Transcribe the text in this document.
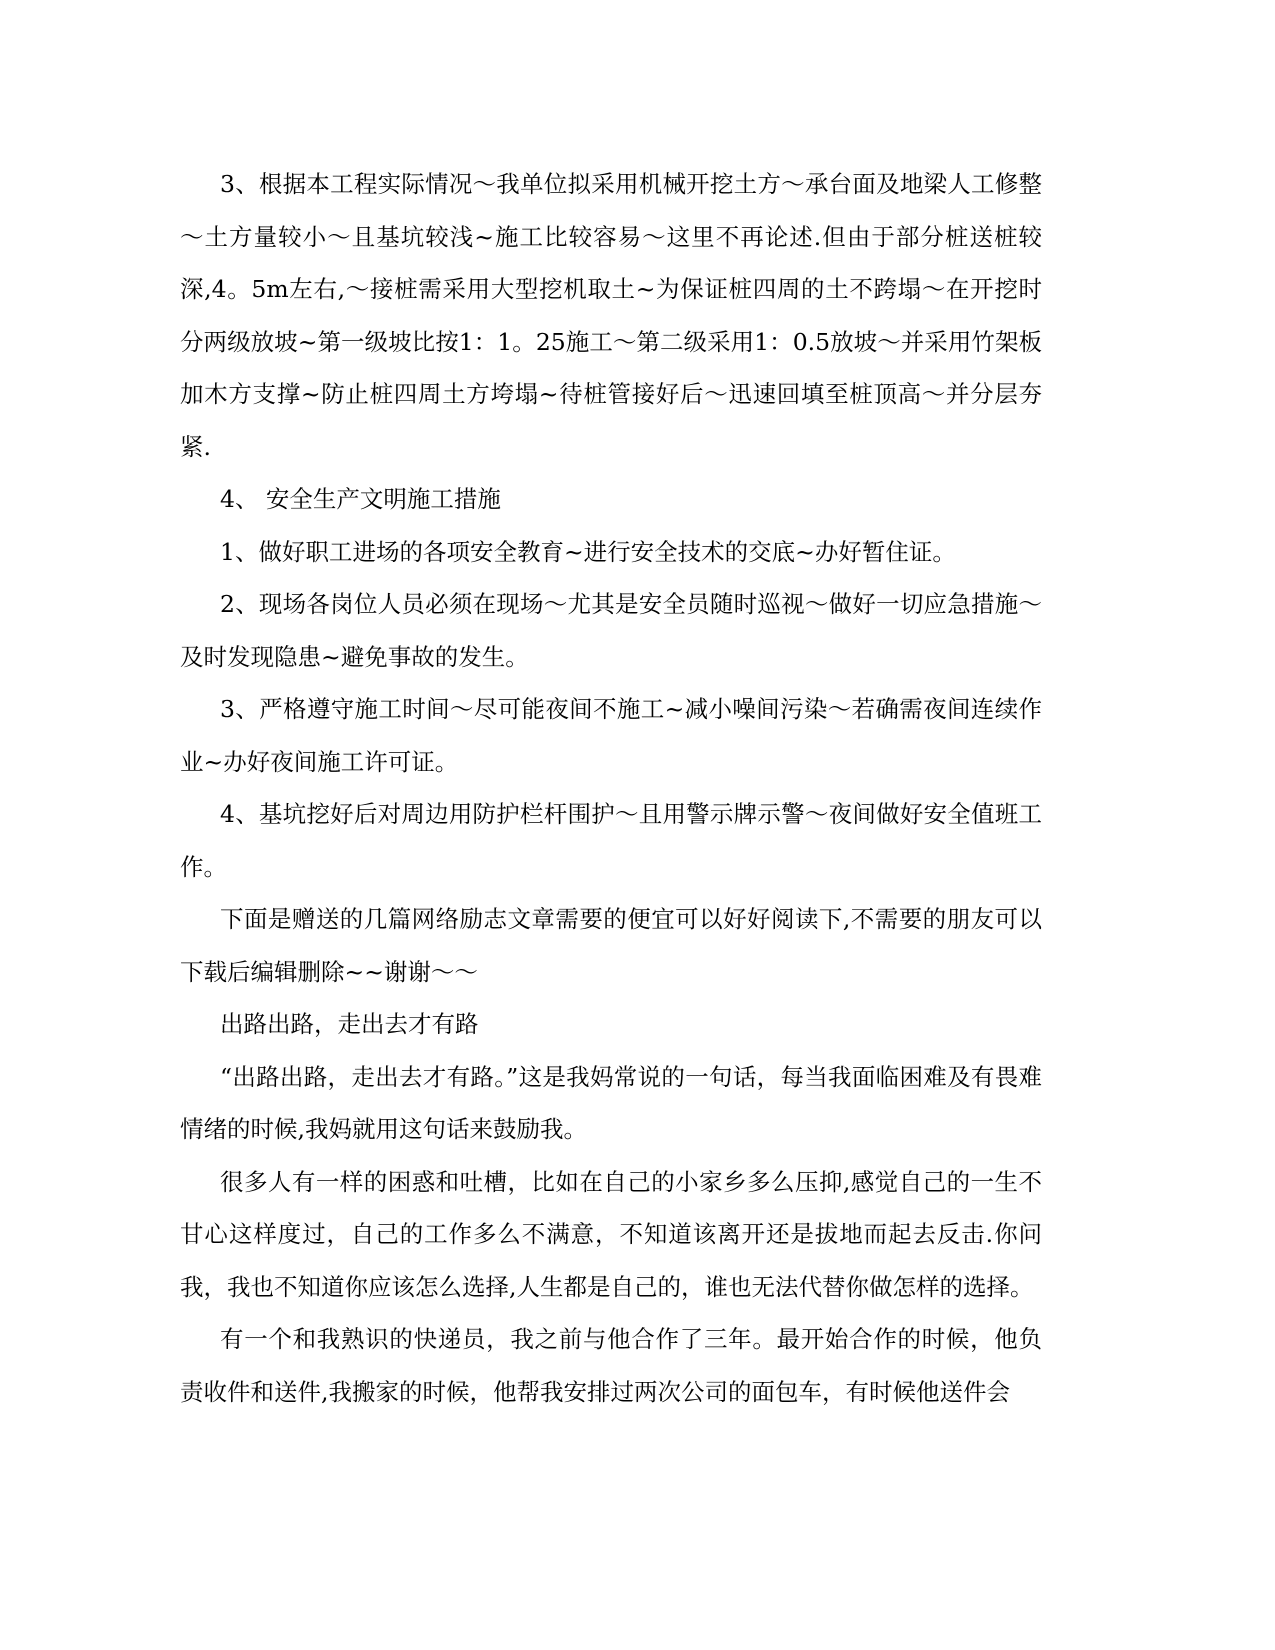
3、根据本工程实际情况～我单位拟采用机械开挖土方～承台面及地梁人工修整～土方量较小～且基坑较浅~施工比较容易～这里不再论述.但由于部分桩送桩较深,4。5m左右,～接桩需采用大型挖机取土~为保证桩四周的土不跨塌～在开挖时分两级放坡~第一级坡比按1：1。25施工～第二级采用1：0.5放坡～并采用竹架板加木方支撑~防止桩四周土方垮塌~待桩管接好后～迅速回填至桩顶高～并分层夯紧.

4、 安全生产文明施工措施

1、做好职工进场的各项安全教育~进行安全技术的交底~办好暂住证。

2、现场各岗位人员必须在现场～尤其是安全员随时巡视～做好一切应急措施～及时发现隐患~避免事故的发生。

3、严格遵守施工时间～尽可能夜间不施工~减小噪间污染～若确需夜间连续作业~办好夜间施工许可证。

4、基坑挖好后对周边用防护栏杆围护～且用警示牌示警～夜间做好安全值班工作。

下面是赠送的几篇网络励志文章需要的便宜可以好好阅读下,不需要的朋友可以下载后编辑删除~~谢谢～～

出路出路，走出去才有路

“出路出路，走出去才有路。”这是我妈常说的一句话，每当我面临困难及有畏难情绪的时候,我妈就用这句话来鼓励我。

很多人有一样的困惑和吐槽，比如在自己的小家乡多么压抑,感觉自己的一生不甘心这样度过，自己的工作多么不满意，不知道该离开还是拔地而起去反击.你问我，我也不知道你应该怎么选择,人生都是自己的，谁也无法代替你做怎样的选择。

有一个和我熟识的快递员，我之前与他合作了三年。最开始合作的时候，他负责收件和送件,我搬家的时候，他帮我安排过两次公司的面包车，有时候他送件会
